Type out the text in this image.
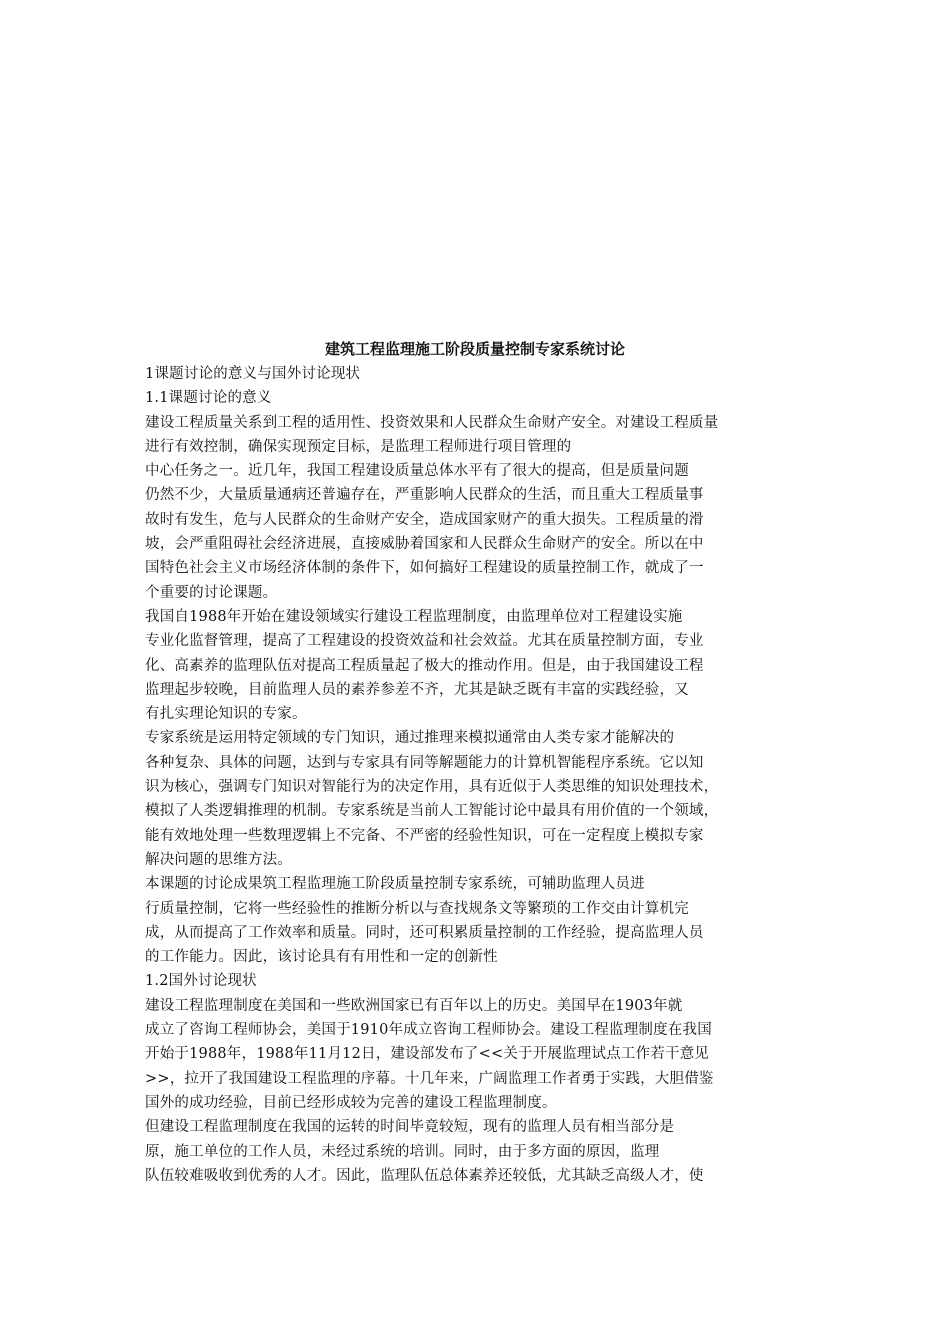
建筑工程监理施工阶段质量控制专家系统讨论
1课题讨论的意义与国外讨论现状
1.1课题讨论的意义
建设工程质量关系到工程的适用性、投资效果和人民群众生命财产安全。对建设工程质量
进行有效控制，确保实现预定目标，是监理工程师进行项目管理的
中心任务之一。近几年，我国工程建设质量总体水平有了很大的提高，但是质量问题
仍然不少，大量质量通病还普遍存在，严重影响人民群众的生活，而且重大工程质量事
故时有发生，危与人民群众的生命财产安全，造成国家财产的重大损失。工程质量的滑
坡，会严重阻碍社会经济进展，直接威胁着国家和人民群众生命财产的安全。所以在中
国特色社会主义市场经济体制的条件下，如何搞好工程建设的质量控制工作，就成了一
个重要的讨论课题。
我国自1988年开始在建设领域实行建设工程监理制度，由监理单位对工程建设实施
专业化监督管理，提高了工程建设的投资效益和社会效益。尤其在质量控制方面，专业
化、高素养的监理队伍对提高工程质量起了极大的推动作用。但是，由于我国建设工程
监理起步较晚，目前监理人员的素养参差不齐，尤其是缺乏既有丰富的实践经验，又
有扎实理论知识的专家。
专家系统是运用特定领域的专门知识，通过推理来模拟通常由人类专家才能解决的
各种复杂、具体的问题，达到与专家具有同等解题能力的计算机智能程序系统。它以知
识为核心，强调专门知识对智能行为的决定作用，具有近似于人类思维的知识处理技术，
模拟了人类逻辑推理的机制。专家系统是当前人工智能讨论中最具有用价值的一个领域，
能有效地处理一些数理逻辑上不完备、不严密的经验性知识，可在一定程度上模拟专家
解决问题的思维方法。
本课题的讨论成果筑工程监理施工阶段质量控制专家系统，可辅助监理人员进
行质量控制，它将一些经验性的推断分析以与查找规条文等繁琐的工作交由计算机完
成，从而提高了工作效率和质量。同时，还可积累质量控制的工作经验，提高监理人员
的工作能力。因此，该讨论具有有用性和一定的创新性
1.2国外讨论现状
建设工程监理制度在美国和一些欧洲国家已有百年以上的历史。美国早在1903年就
成立了咨询工程师协会，美国于1910年成立咨询工程师协会。建设工程监理制度在我国
开始于1988年，1988年11月12日，建设部发布了<<关于开展监理试点工作若干意见
>>，拉开了我国建设工程监理的序幕。十几年来，广阔监理工作者勇于实践，大胆借鉴
国外的成功经验，目前已经形成较为完善的建设工程监理制度。
但建设工程监理制度在我国的运转的时间毕竟较短，现有的监理人员有相当部分是
原，施工单位的工作人员，未经过系统的培训。同时，由于多方面的原因，监理
队伍较难吸收到优秀的人才。因此，监理队伍总体素养还较低，尤其缺乏高级人才，使
